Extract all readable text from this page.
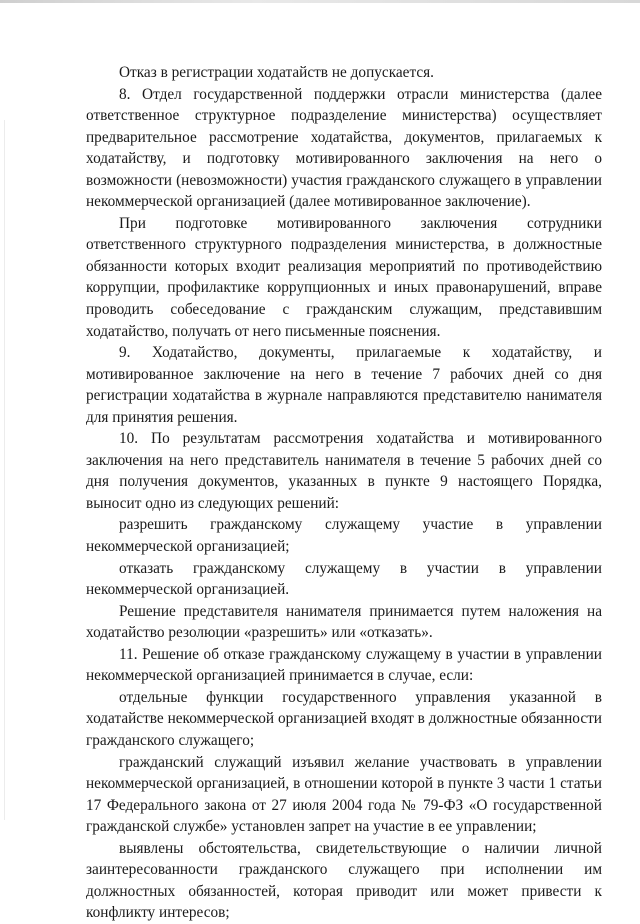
Отказ в регистрации ходатайств не допускается.

8. Отдел государственной поддержки отрасли министерства (далее ответственное структурное подразделение министерства) осуществляет предварительное рассмотрение ходатайства, документов, прилагаемых к ходатайству, и подготовку мотивированного заключения на него о возможности (невозможности) участия гражданского служащего в управлении некоммерческой организацией (далее мотивированное заключение).

При подготовке мотивированного заключения сотрудники ответственного структурного подразделения министерства, в должностные обязанности которых входит реализация мероприятий по противодействию коррупции, профилактике коррупционных и иных правонарушений, вправе проводить собеседование с гражданским служащим, представившим ходатайство, получать от него письменные пояснения.

9. Ходатайство, документы, прилагаемые к ходатайству, и мотивированное заключение на него в течение 7 рабочих дней со дня регистрации ходатайства в журнале направляются представителю нанимателя для принятия решения.

10. По результатам рассмотрения ходатайства и мотивированного заключения на него представитель нанимателя в течение 5 рабочих дней со дня получения документов, указанных в пункте 9 настоящего Порядка, выносит одно из следующих решений:

разрешить гражданскому служащему участие в управлении некоммерческой организацией;

отказать гражданскому служащему в участии в управлении некоммерческой организацией.

Решение представителя нанимателя принимается путем наложения на ходатайство резолюции «разрешить» или «отказать».

11. Решение об отказе гражданскому служащему в участии в управлении некоммерческой организацией принимается в случае, если:

отдельные функции государственного управления указанной в ходатайстве некоммерческой организацией входят в должностные обязанности гражданского служащего;

гражданский служащий изъявил желание участвовать в управлении некоммерческой организацией, в отношении которой в пункте 3 части 1 статьи 17 Федерального закона от 27 июля 2004 года № 79-ФЗ «О государственной гражданской службе» установлен запрет на участие в ее управлении;

выявлены обстоятельства, свидетельствующие о наличии личной заинтересованности гражданского служащего при исполнении им должностных обязанностей, которая приводит или может привести к конфликту интересов;
